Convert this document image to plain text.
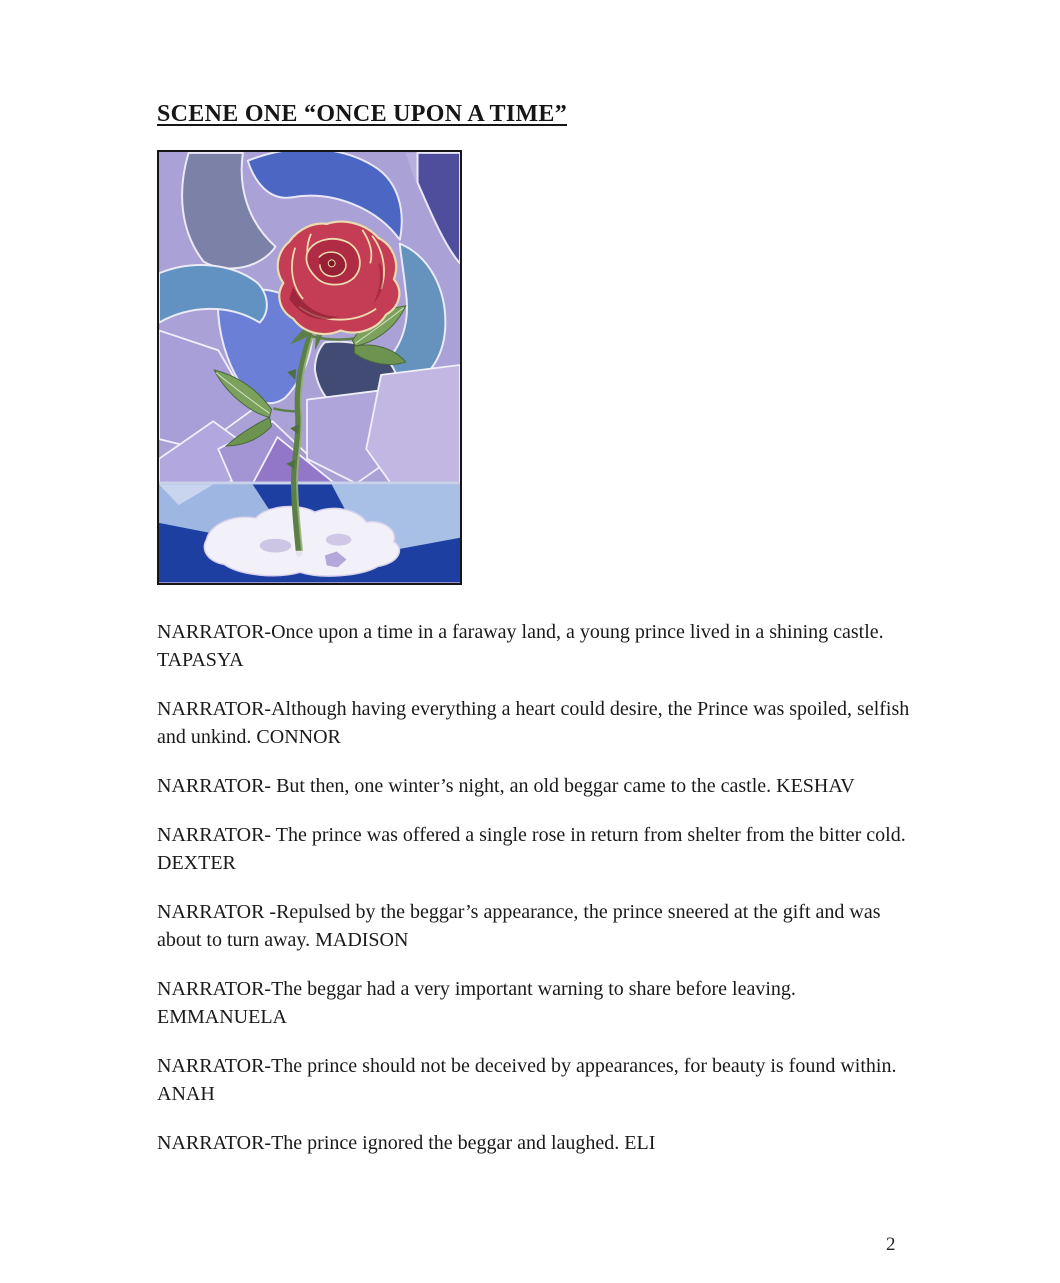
SCENE ONE “ONCE UPON A TIME”

NARRATOR-Once upon a time in a faraway land, a young prince lived in a shining castle. TAPASYA

NARRATOR-Although having everything a heart could desire, the Prince was spoiled, selfish and unkind. CONNOR

NARRATOR- But then, one winter’s night, an old beggar came to the castle. KESHAV

NARRATOR- The prince was offered a single rose in return from shelter from the bitter cold. DEXTER

NARRATOR -Repulsed by the beggar’s appearance, the prince sneered at the gift and was about to turn away. MADISON

NARRATOR-The beggar had a very important warning to share before leaving. EMMANUELA

NARRATOR-The prince should not be deceived by appearances, for beauty is found within. ANAH

NARRATOR-The prince ignored the beggar and laughed. ELI

2
